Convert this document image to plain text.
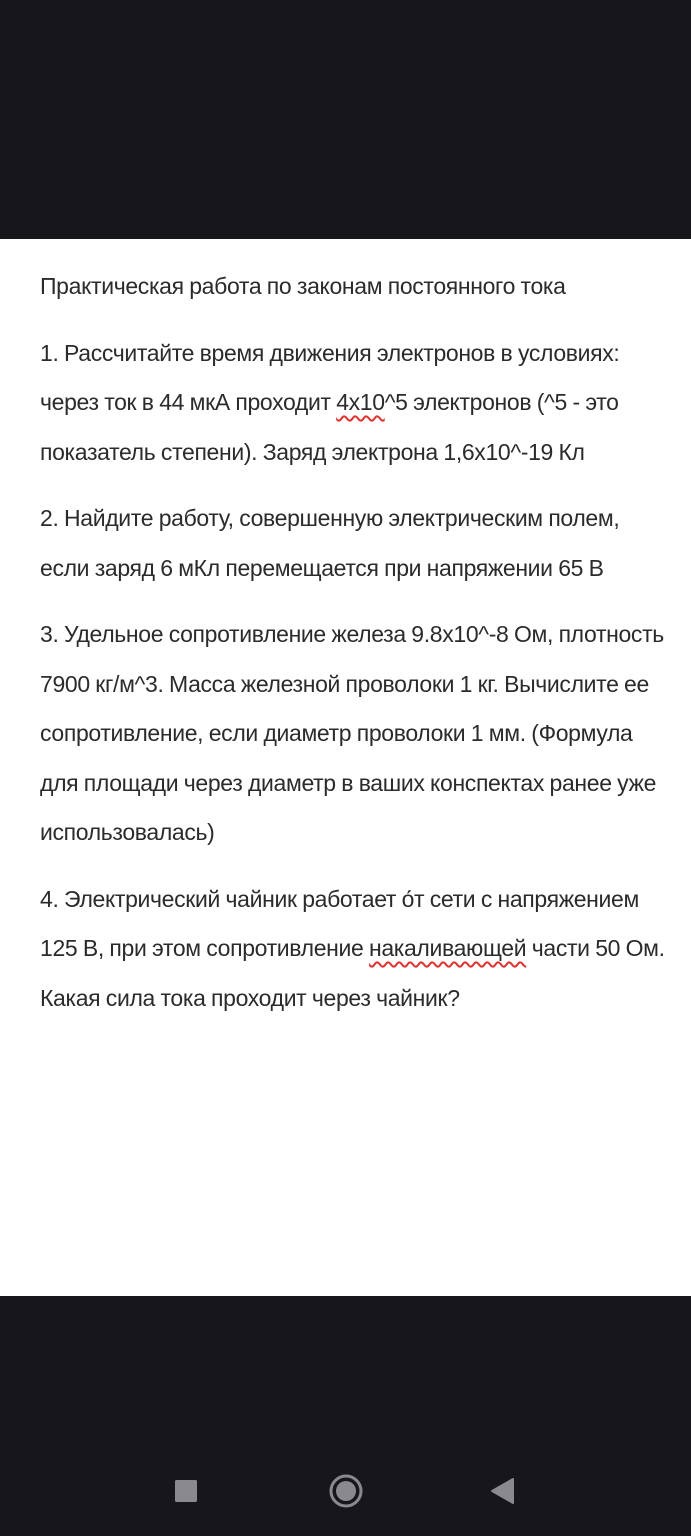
Практическая работа по законам постоянного тока

1. Рассчитайте время движения электронов в условиях: через ток в 44 мкА проходит 4x10^5 электронов (^5 - это показатель степени). Заряд электрона 1,6x10^-19 Кл

2. Найдите работу, совершенную электрическим полем, если заряд 6 мКл перемещается при напряжении 65 В

3. Удельное сопротивление железа 9.8x10^-8 Ом, плотность 7900 кг/м^3. Масса железной проволоки 1 кг. Вычислите ее сопротивление, если диаметр проволоки 1 мм. (Формула для площади через диаметр в ваших конспектах ранее уже использовалась)

4. Электрический чайник работает о́т сети с напряжением 125 В, при этом сопротивление накаливающей части 50 Ом. Какая сила тока проходит через чайник?
